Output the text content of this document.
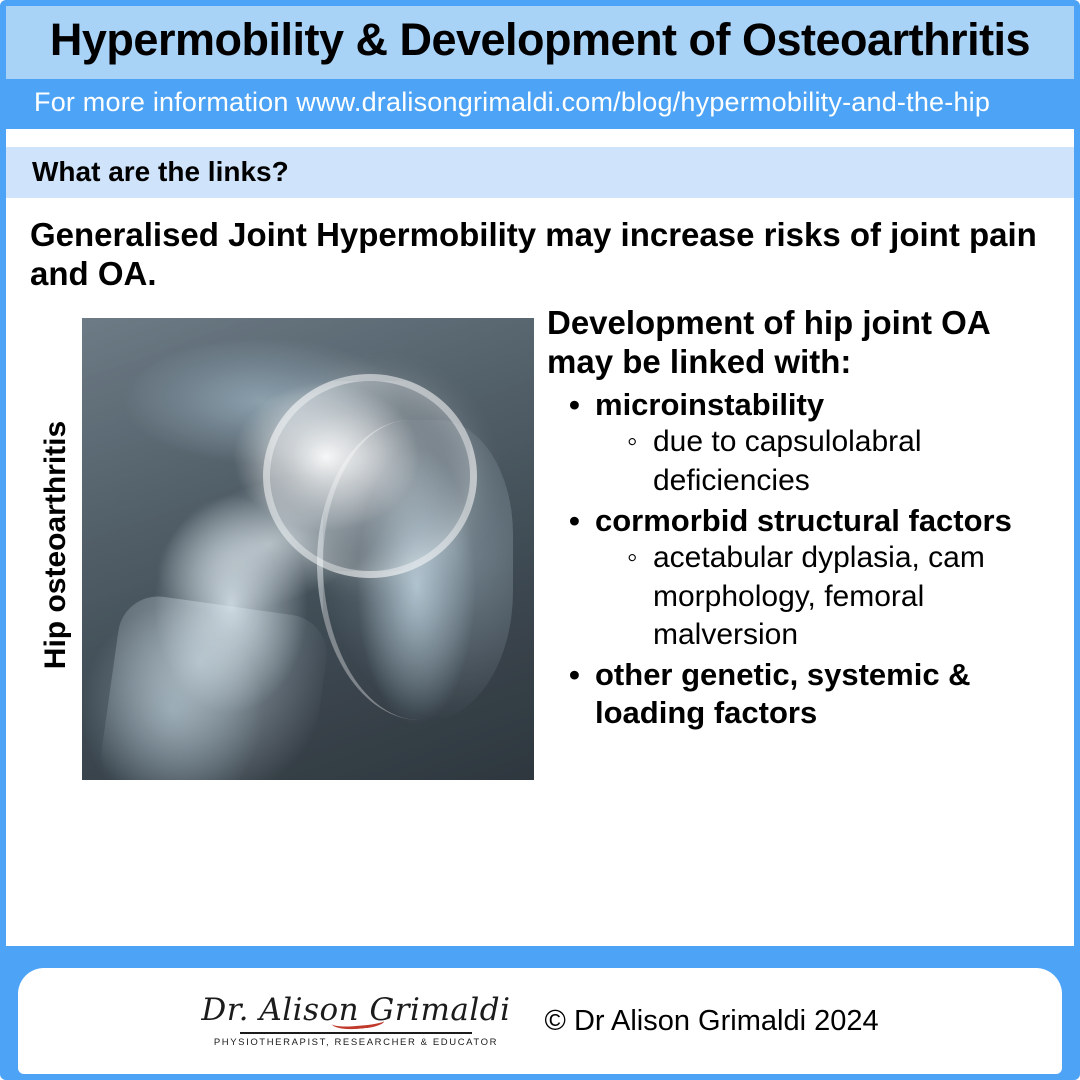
Hypermobility & Development of Osteoarthritis
For more information www.dralisongrimaldi.com/blog/hypermobility-and-the-hip
What are the links?

Generalised Joint Hypermobility may increase risks of joint pain and OA.

Hip osteoarthritis
Development of hip joint OA may be linked with:
• microinstability
◦ due to capsulolabral deficiencies
• cormorbid structural factors
◦ acetabular dyplasia, cam morphology, femoral malversion
• other genetic, systemic & loading factors
Dr. Alison Grimaldi
PHYSIOTHERAPIST, RESEARCHER & EDUCATOR
© Dr Alison Grimaldi 2024
